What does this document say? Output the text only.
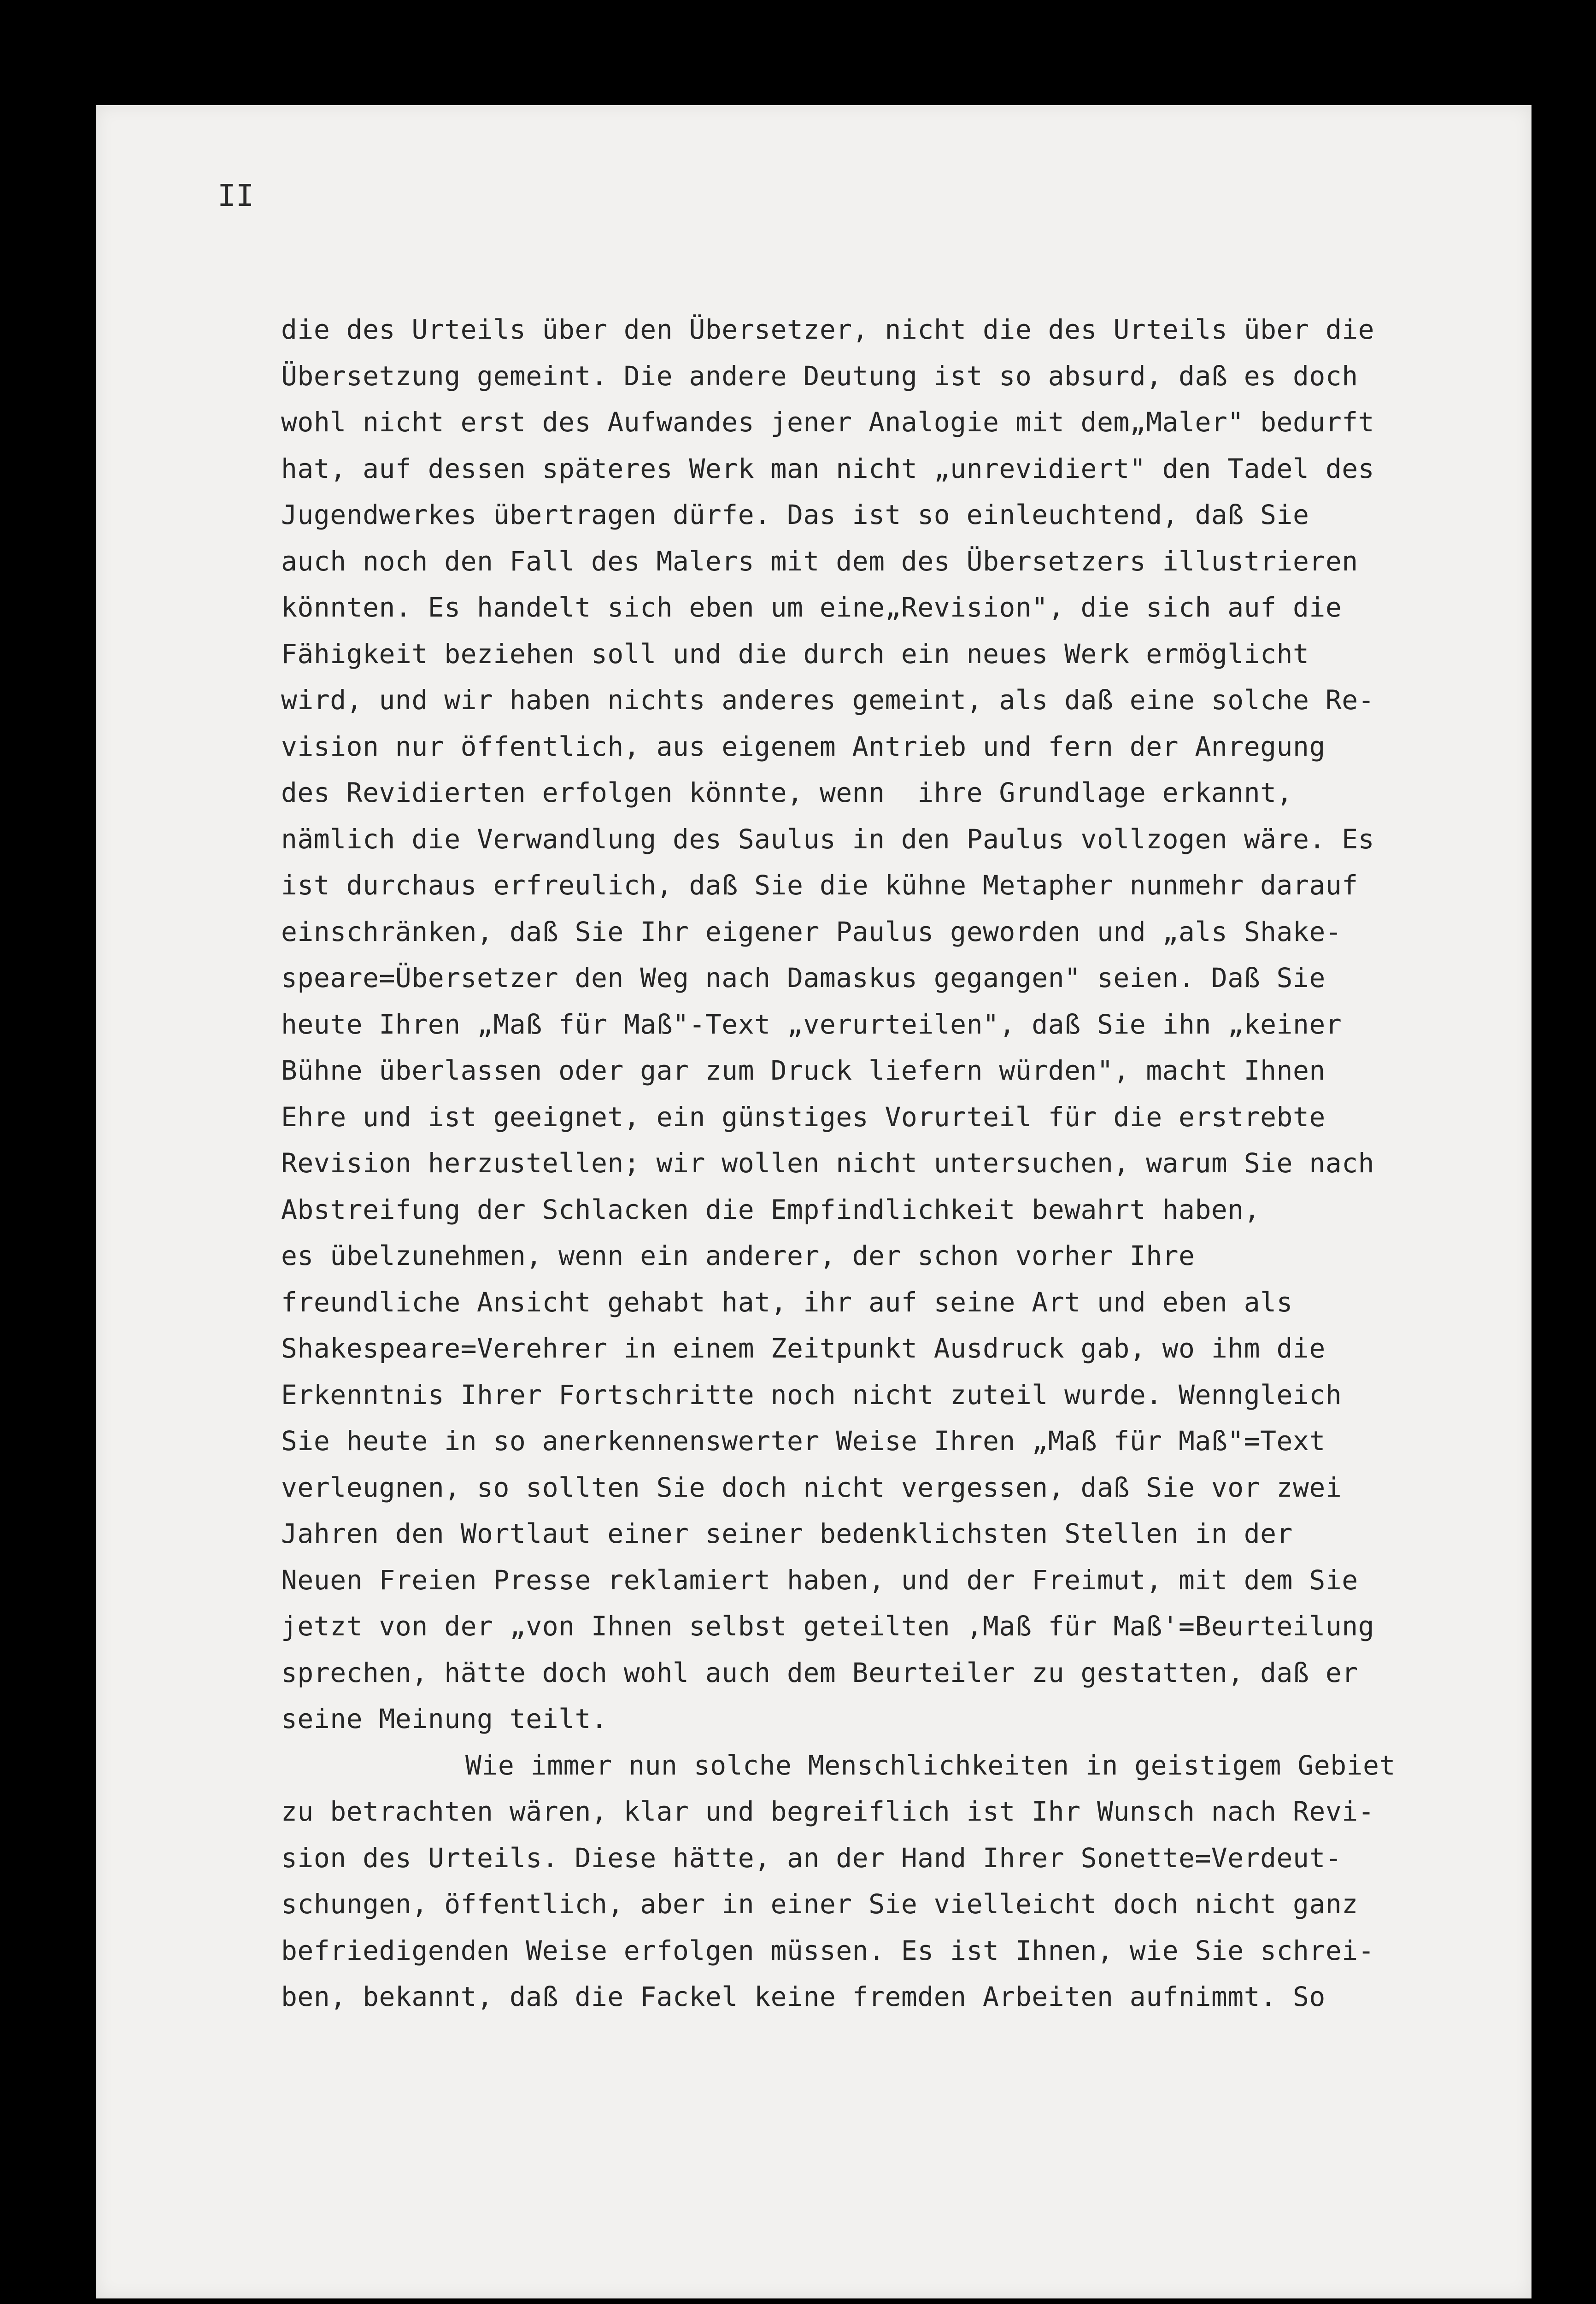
II

die des Urteils über den Übersetzer, nicht die des Urteils über die
Übersetzung gemeint. Die andere Deutung ist so absurd, daß es doch
wohl nicht erst des Aufwandes jener Analogie mit dem„Maler" bedurft
hat, auf dessen späteres Werk man nicht „unrevidiert" den Tadel des
Jugendwerkes übertragen dürfe. Das ist so einleuchtend, daß Sie
auch noch den Fall des Malers mit dem des Übersetzers illustrieren
könnten. Es handelt sich eben um eine„Revision", die sich auf die
Fähigkeit beziehen soll und die durch ein neues Werk ermöglicht
wird, und wir haben nichts anderes gemeint, als daß eine solche Re-
vision nur öffentlich, aus eigenem Antrieb und fern der Anregung
des Revidierten erfolgen könnte, wenn  ihre Grundlage erkannt,
nämlich die Verwandlung des Saulus in den Paulus vollzogen wäre. Es
ist durchaus erfreulich, daß Sie die kühne Metapher nunmehr darauf
einschränken, daß Sie Ihr eigener Paulus geworden und „als Shake-
speare=Übersetzer den Weg nach Damaskus gegangen" seien. Daß Sie
heute Ihren „Maß für Maß"-Text „verurteilen", daß Sie ihn „keiner
Bühne überlassen oder gar zum Druck liefern würden", macht Ihnen
Ehre und ist geeignet, ein günstiges Vorurteil für die erstrebte
Revision herzustellen; wir wollen nicht untersuchen, warum Sie nach
Abstreifung der Schlacken die Empfindlichkeit bewahrt haben,
es übelzunehmen, wenn ein anderer, der schon vorher Ihre
freundliche Ansicht gehabt hat, ihr auf seine Art und eben als
Shakespeare=Verehrer in einem Zeitpunkt Ausdruck gab, wo ihm die
Erkenntnis Ihrer Fortschritte noch nicht zuteil wurde. Wenngleich
Sie heute in so anerkennenswerter Weise Ihren „Maß für Maß"=Text
verleugnen, so sollten Sie doch nicht vergessen, daß Sie vor zwei
Jahren den Wortlaut einer seiner bedenklichsten Stellen in der
Neuen Freien Presse reklamiert haben, und der Freimut, mit dem Sie
jetzt von der „von Ihnen selbst geteilten ‚Maß für Maß'=Beurteilung
sprechen, hätte doch wohl auch dem Beurteiler zu gestatten, daß er
seine Meinung teilt.
Wie immer nun solche Menschlichkeiten in geistigem Gebiet
zu betrachten wären, klar und begreiflich ist Ihr Wunsch nach Revi-
sion des Urteils. Diese hätte, an der Hand Ihrer Sonette=Verdeut-
schungen, öffentlich, aber in einer Sie vielleicht doch nicht ganz
befriedigenden Weise erfolgen müssen. Es ist Ihnen, wie Sie schrei-
ben, bekannt, daß die Fackel keine fremden Arbeiten aufnimmt. So
